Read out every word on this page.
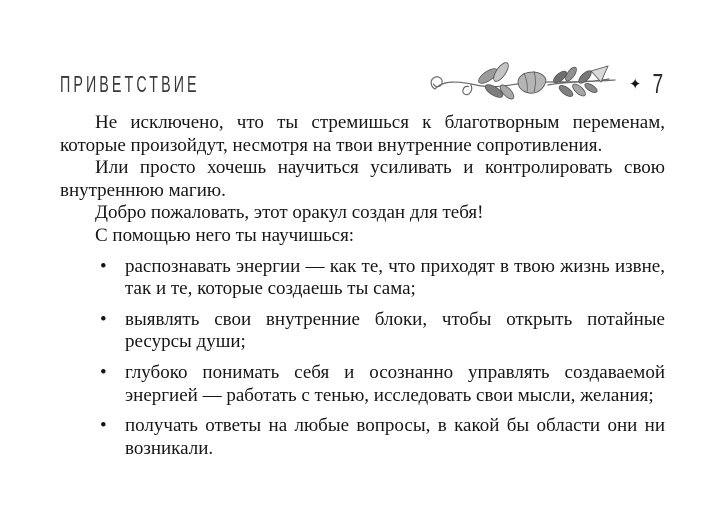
ПРИВЕТСТВИЕ	✦ 7

Не исключено, что ты стремишься к благотворным переменам, которые произойдут, несмотря на твои внутренние сопротивления.

Или просто хочешь научиться усиливать и контролировать свою внутреннюю магию.

Добро пожаловать, этот оракул создан для тебя!

С помощью него ты научишься:

• распознавать энергии — как те, что приходят в твою жизнь извне, так и те, которые создаешь ты сама;
• выявлять свои внутренние блоки, чтобы открыть потайные ресурсы души;
• глубоко понимать себя и осознанно управлять создаваемой энергией — работать с тенью, исследовать свои мысли, желания;
• получать ответы на любые вопросы, в какой бы области они ни возникали.
